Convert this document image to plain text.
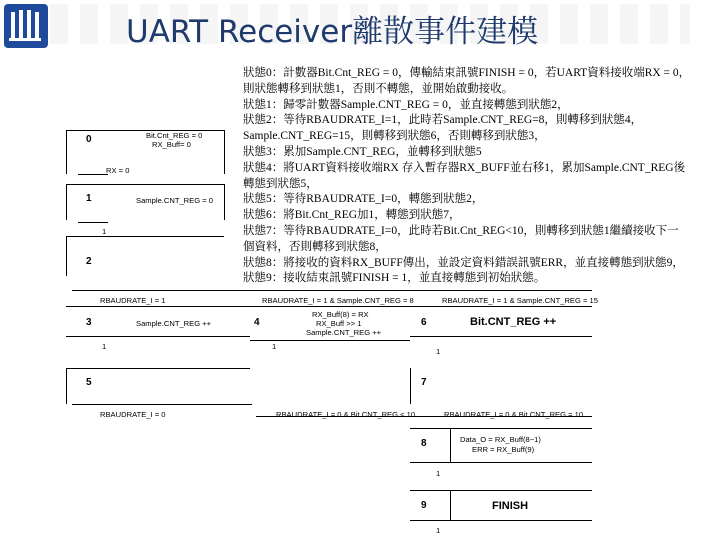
UART Receiver離散事件建模
狀態0：計數器Bit.Cnt_REG = 0，傳輸結束訊號FINISH = 0，若UART資料接收端RX = 0，
則狀態轉移到狀態1，否則不轉態，並開始啟動接收。
狀態1：歸零計數器Sample.CNT_REG = 0，並直接轉態到狀態2，
狀態2：等待RBAUDRATE_I=1，此時若Sample.CNT_REG=8，則轉移到狀態4，
Sample.CNT_REG=15，則轉移到狀態6，否則轉移到狀態3，
狀態3：累加Sample.CNT_REG，並轉移到狀態5
狀態4：將UART資料接收端RX 存入暫存器RX_BUFF並右移1，累加Sample.CNT_REG後
轉態到狀態5，
狀態5：等待RBAUDRATE_I=0，轉態到狀態2，
狀態6：將Bit.Cnt_REG加1，轉態到狀態7，
狀態7：等待RBAUDRATE_I=0，此時若Bit.Cnt_REG<10，則轉移到狀態1繼續接收下一
個資料，否則轉移到狀態8，
狀態8：將接收的資料RX_BUFF傳出，並設定資料錯誤訊號ERR，並直接轉態到狀態9，
狀態9：接收結束訊號FINISH = 1，並直接轉態到初始狀態。
0
1
2
3	4
5
6
7
8
9
Bit.Cnt_REG = 0
RX_Buff= 0
RX = 0
Sample.CNT_REG = 0
1
RBAUDRATE_I = 1	RBAUDRATE_I = 1 & Sample.CNT_REG = 8	RBAUDRATE_I = 1 & Sample.CNT_REG = 15
Sample.CNT_REG ++
RX_Buff(8) = RX
RX_Buff >> 1
Sample.CNT_REG ++
Bit.CNT_REG ++
1	1
1
RBAUDRATE_I = 0	RBAUDRATE_I = 0 & Bit.CNT_REG < 10	RBAUDRATE_I = 0 & Bit.CNT_REG = 10
Data_O = RX_Buff(8~1)
ERR = RX_Buff(9)
1
FINISH
1
